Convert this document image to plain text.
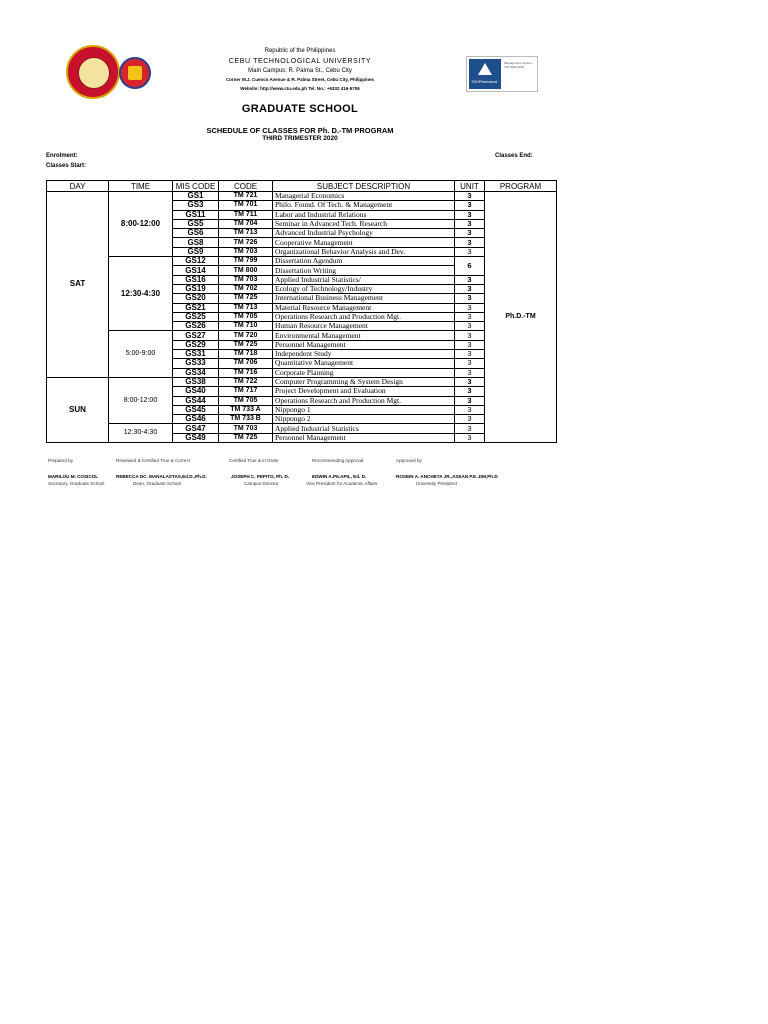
TÜVRheinland
Management System ISO 9001:2015
Republic of the Philippines
CEBU TECHNOLOGICAL UNIVERSITY
Main Campus: R. Palma St., Cebu City
Corner M.J. Cuenco Avenue & R. Palma Street, Cebu City, Philippines
Website: http://www.ctu.edu.ph Tel. No.: +6332 416-5706
GRADUATE SCHOOL
SCHEDULE OF CLASSES FOR Ph. D.-TM PROGRAM
THIRD TRIMESTER 2020
Enrolment:
Classes Start:
Classes End:
DAY	TIME	MIS CODE	CODE	SUBJECT DESCRIPTION	UNIT	PROGRAM
SAT	8:00-12:00	GS1	TM 721	Managerial Economics	3	Ph.D.-TM
		GS3	TM 701	Philo. Found. Of Tech. & Management	3	
		GS11	TM 711	Labor and Industrial Relations	3	
		GS5	TM 704	Seminar in Advanced Tech. Research	3	
		GS6	TM 713	Advanced Industrial Psychology	3	
		GS8	TM 726	Cooperative Management	3	
		GS9	TM 703	Organizational Behavior Analysis and Dev.	3	
	12:30-4:30	GS12	TM 799	Dissertation Agendum	6	
		GS14	TM 800	Dissertation Writing		
		GS16	TM 703	Applied Industrial Statistics/	3	
		GS19	TM 702	Ecology of Technology/Industry	3	
		GS20	TM 725	International Business Management	3	
		GS21	TM 713	Material Resource Management	3	
		GS25	TM 705	Operations Research and Production Mgt.	3	
		GS26	TM 710	Human Resource Management	3	
	5:00-9:00	GS27	TM 720	Environmental Management	3	
		GS29	TM 725	Personnel Management	3	
		GS31	TM 718	Independent Study	3	
		GS33	TM 706	Quantitative Management	3	
		GS34	TM 716	Corporate Planning	3	
SUN	8:00-12:00	GS38	TM 722	Computer Programming & System Design	3	
		GS40	TM 717	Project Development and Evaluation	3	
		GS44	TM 705	Operations Research and Production Mgt.	3	
		GS45	TM 733 A	Nippongo 1	3	
		GS46	TM 733 B	Nippongo 2	3	
	12:30-4:30	GS47	TM 703	Applied Industrial Statistics	3	
		GS49	TM 725	Personnel Management	3	
Prepared by	Reviewed & Certified True & Correct	Certified True & in Order	Recommending Approval:	Approved by
MARILOU M. COSICOL
Secretary, Graduate School
REBECCA DC. MANALASTAS,Ed.D.,Ph.D.
Dean, Graduate School
JOSEPH C. PEPITO, Ph. D.
Campus Director
EDWIN A.PILAPIL, Ed. D.
Vice President for Academic Affairs
ROSEIN A. ANCHETA JR.,ASEAN P.E.,DM,Ph.D
University President
